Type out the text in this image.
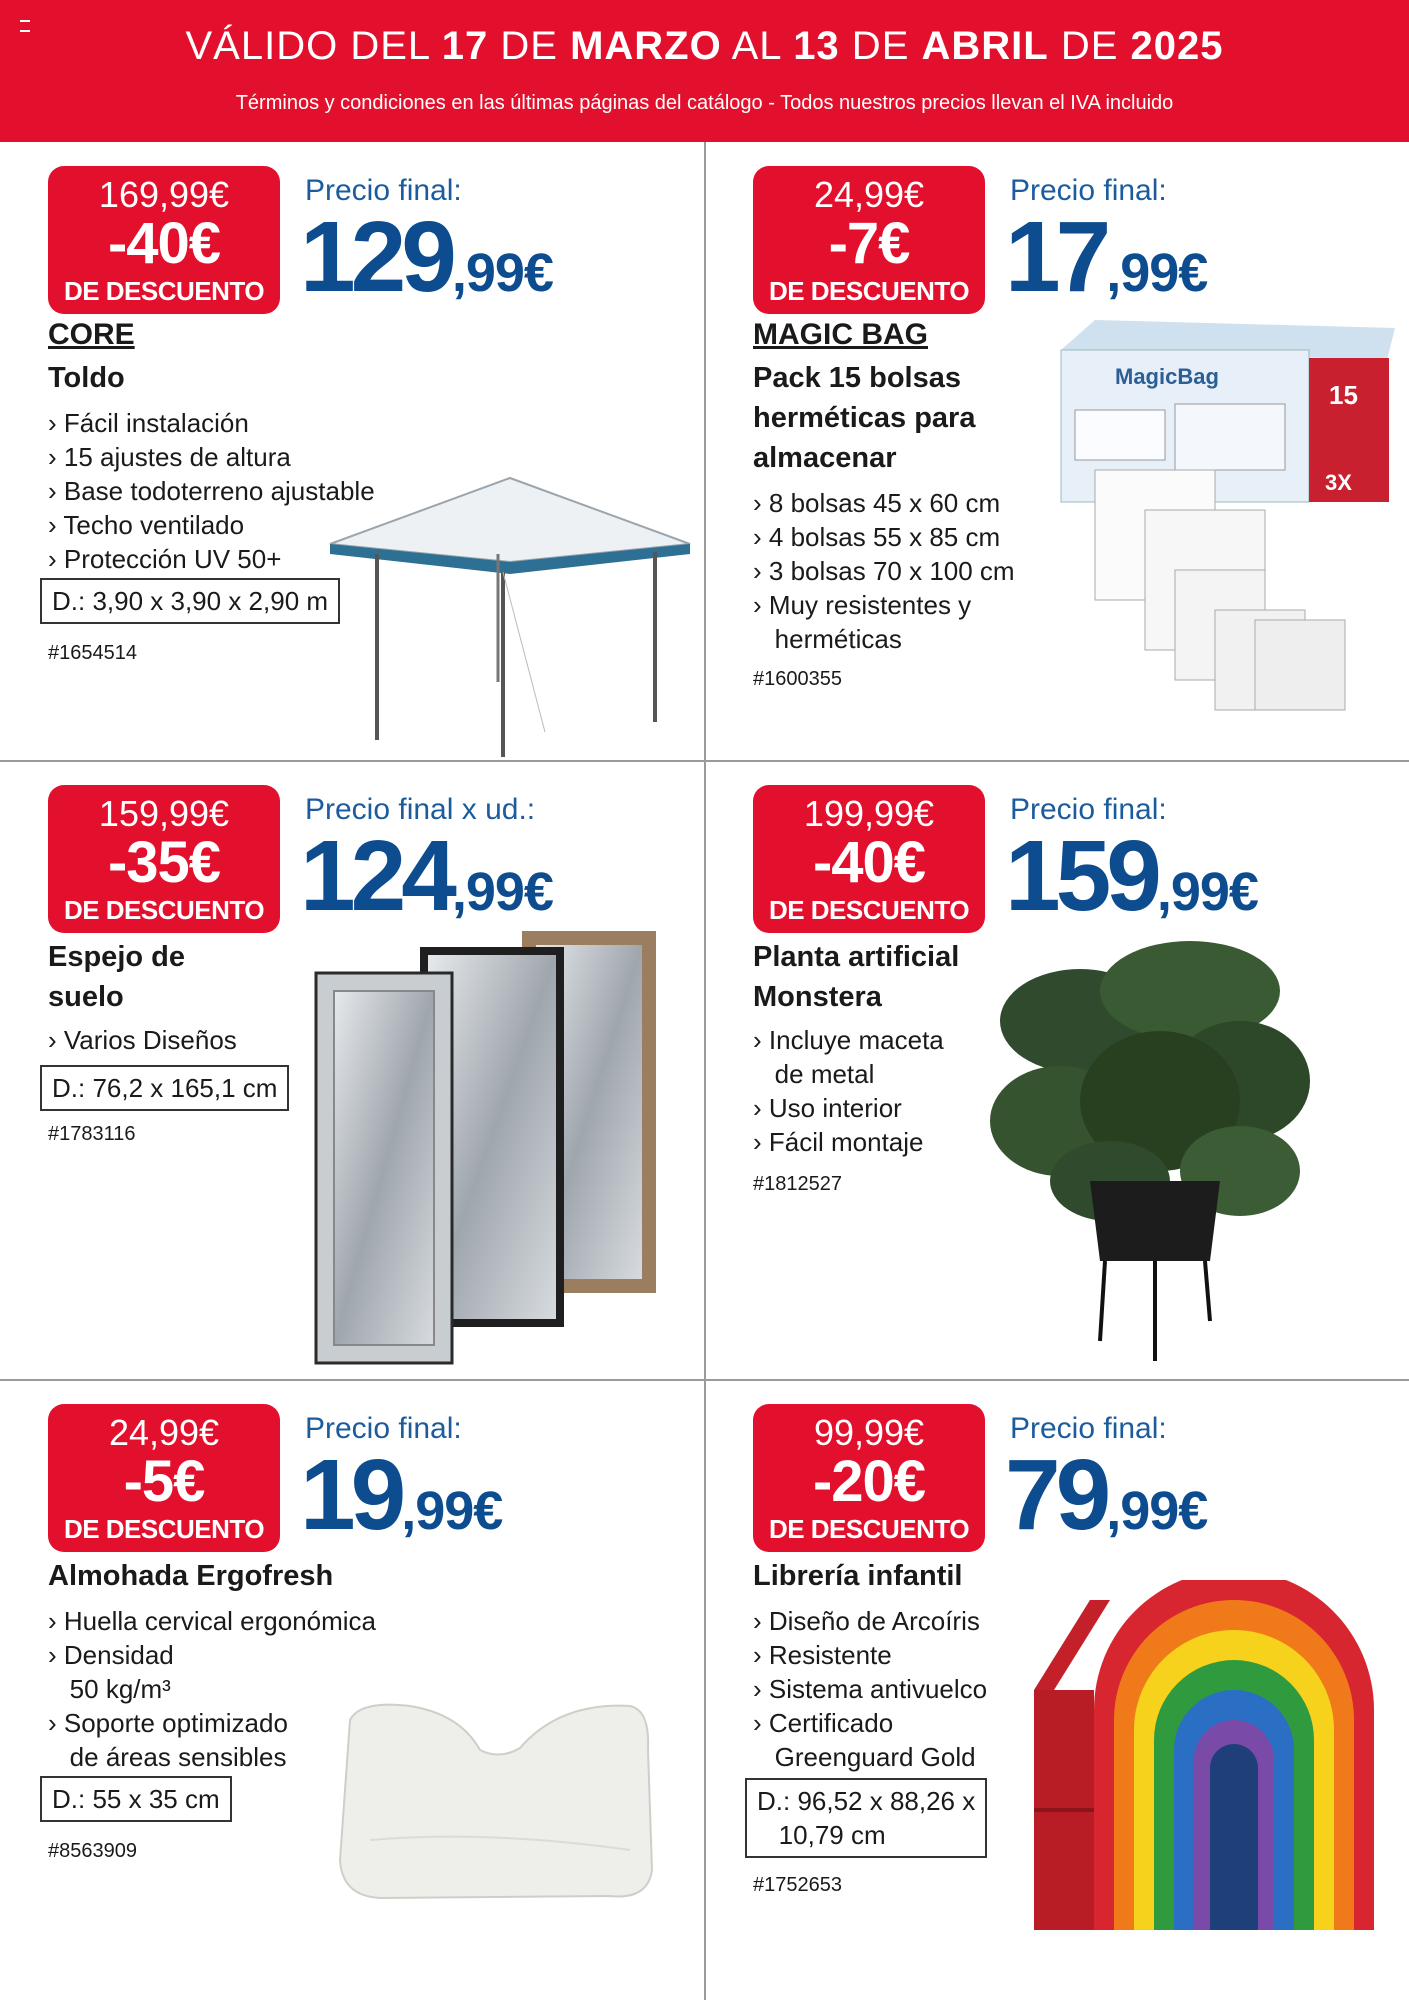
VÁLIDO DEL 17 DE MARZO AL 13 DE ABRIL DE 2025
Términos y condiciones en las últimas páginas del catálogo - Todos nuestros precios llevan el IVA incluido
169,99€
-40€
DE DESCUENTO
Precio final:
129,99€
CORE
Toldo
› Fácil instalación
› 15 ajustes de altura
› Base todoterreno ajustable
› Techo ventilado
› Protección UV 50+
D.: 3,90 x 3,90 x 2,90 m
#1654514
24,99€
-7€
DE DESCUENTO
Precio final:
17,99€
MAGIC BAG
Pack 15 bolsas
herméticas para
almacenar
› 8 bolsas 45 x 60 cm
› 4 bolsas 55 x 85 cm
› 3 bolsas 70 x 100 cm
› Muy resistentes y
herméticas
#1600355
MagicBag
15
3X
159,99€
-35€
DE DESCUENTO
Precio final x ud.:
124,99€
Espejo de
suelo
› Varios Diseños
D.: 76,2 x 165,1 cm
#1783116
199,99€
-40€
DE DESCUENTO
Precio final:
159,99€
Planta artificial
Monstera
› Incluye maceta
de metal
› Uso interior
› Fácil montaje
#1812527
24,99€
-5€
DE DESCUENTO
Precio final:
19,99€
Almohada Ergofresh
› Huella cervical ergonómica
› Densidad
50 kg/m³
› Soporte optimizado
de áreas sensibles
D.: 55 x 35 cm
#8563909
99,99€
-20€
DE DESCUENTO
Precio final:
79,99€
Librería infantil
› Diseño de Arcoíris
› Resistente
› Sistema antivuelco
› Certificado
Greenguard Gold
D.: 96,52 x 88,26 x
10,79 cm
#1752653
